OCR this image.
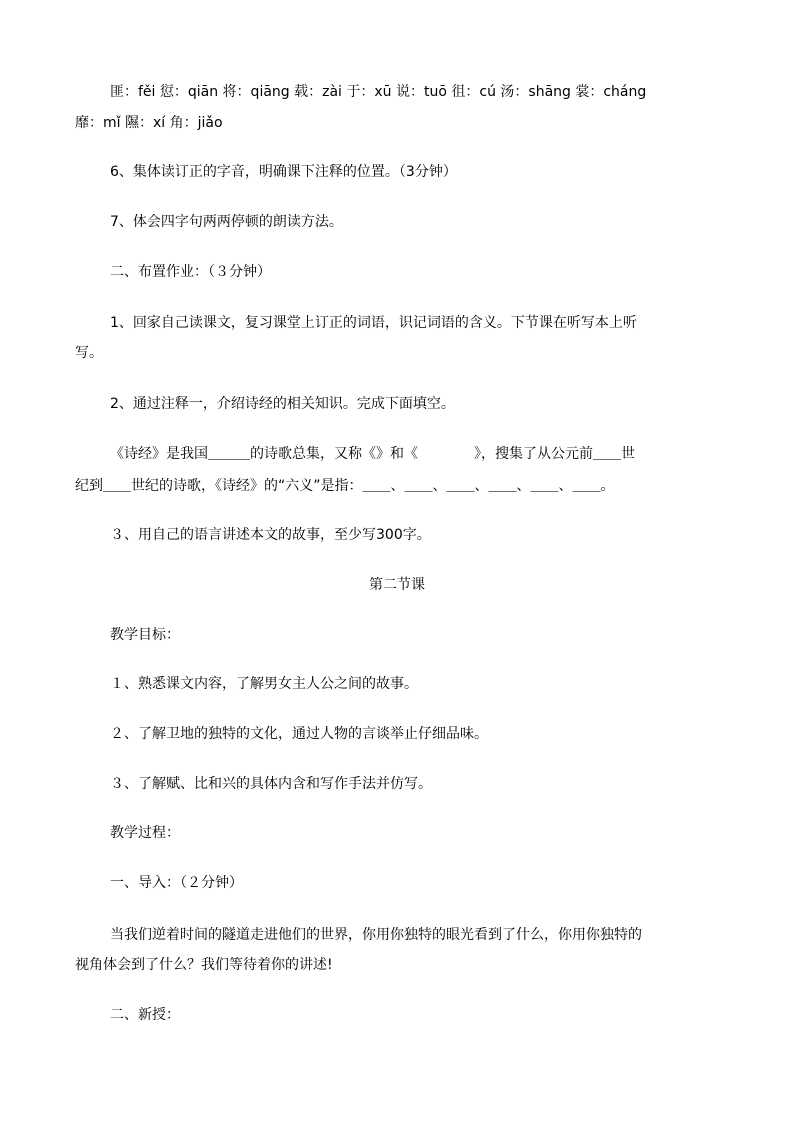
匪：fěi 愆：qiān 将：qiāng 载：zài 于：xū 说：tuō 徂：cú 汤：shāng 裳：cháng
靡：mǐ 隰：xí 角：jiǎo
6、集体读订正的字音，明确课下注释的位置。（3分钟）
7、体会四字句两两停顿的朗读方法。
二、布置作业：（３分钟）
1、回家自己读课文，复习课堂上订正的词语，识记词语的含义。下节课在听写本上听
写。
2、通过注释一，介绍诗经的相关知识。完成下面填空。
《诗经》是我国＿＿＿的诗歌总集，又称《》和《　　　　》，搜集了从公元前＿＿世
纪到＿＿世纪的诗歌，《诗经》的“六义”是指：＿＿、＿＿、＿＿、＿＿、＿＿、＿＿。
３、用自己的语言讲述本文的故事，至少写300字。
第二节课
教学目标：
１、熟悉课文内容，了解男女主人公之间的故事。
２、了解卫地的独特的文化，通过人物的言谈举止仔细品味。
３、了解赋、比和兴的具体内含和写作手法并仿写。
教学过程：
一、导入：（２分钟）
当我们逆着时间的隧道走进他们的世界，你用你独特的眼光看到了什么，你用你独特的
视角体会到了什么？我们等待着你的讲述!
二、新授：
